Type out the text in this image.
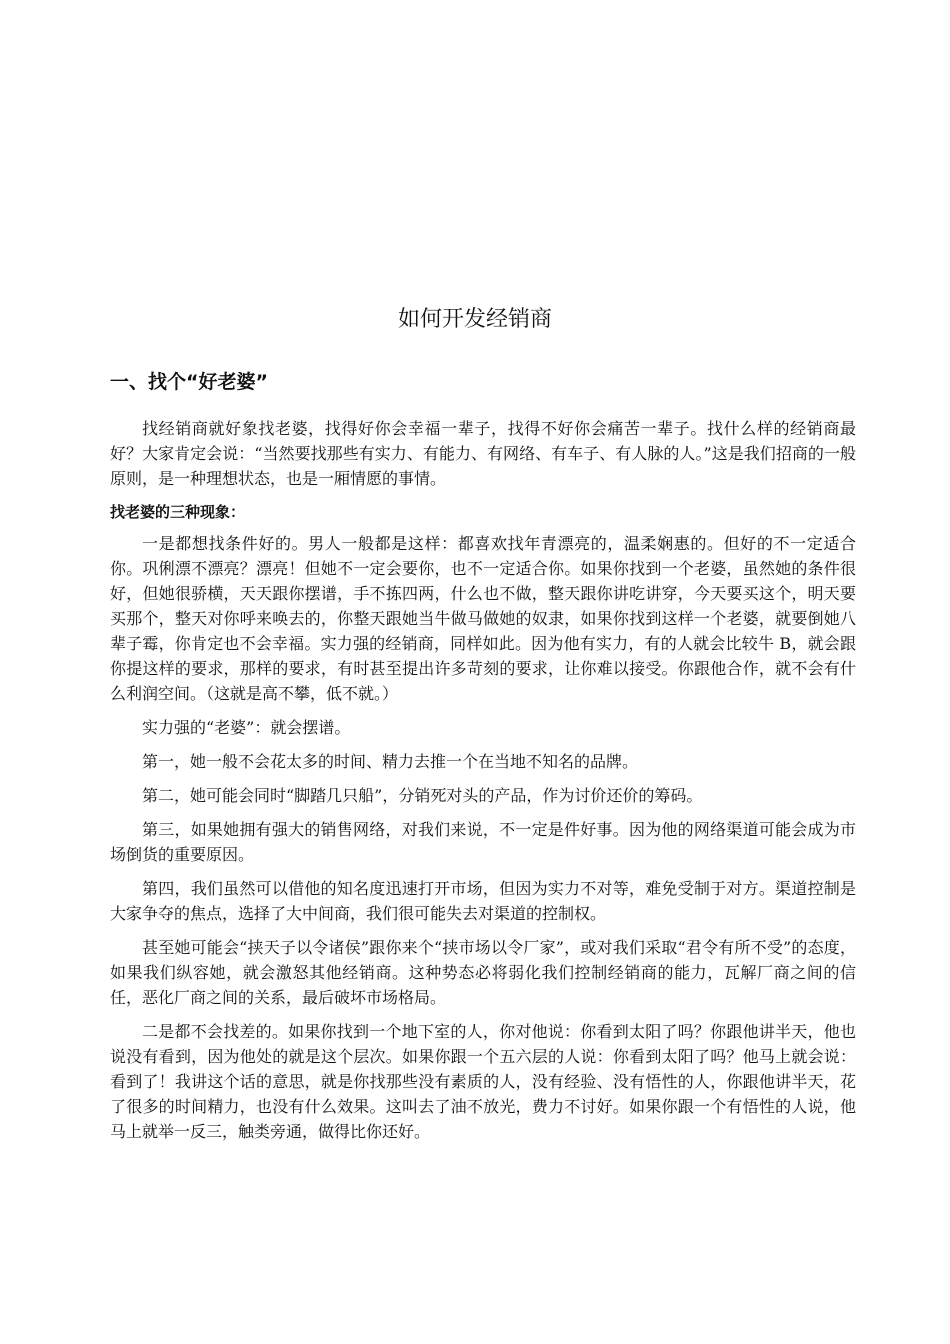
如何开发经销商
一、找个“好老婆”

找经销商就好象找老婆，找得好你会幸福一辈子，找得不好你会痛苦一辈子。找什么样的经销商最好？大家肯定会说：“当然要找那些有实力、有能力、有网络、有车子、有人脉的人。”这是我们招商的一般原则，是一种理想状态，也是一厢情愿的事情。

找老婆的三种现象：

一是都想找条件好的。男人一般都是这样：都喜欢找年青漂亮的，温柔娴惠的。但好的不一定适合你。巩俐漂不漂亮？漂亮！但她不一定会要你，也不一定适合你。如果你找到一个老婆，虽然她的条件很好，但她很骄横，天天跟你摆谱，手不拣四两，什么也不做，整天跟你讲吃讲穿，今天要买这个，明天要买那个，整天对你呼来唤去的，你整天跟她当牛做马做她的奴隶，如果你找到这样一个老婆，就要倒她八辈子霉，你肯定也不会幸福。实力强的经销商，同样如此。因为他有实力，有的人就会比较牛 B，就会跟你提这样的要求，那样的要求，有时甚至提出许多苛刻的要求，让你难以接受。你跟他合作，就不会有什么利润空间。（这就是高不攀，低不就。）

实力强的“老婆”：就会摆谱。

第一，她一般不会花太多的时间、精力去推一个在当地不知名的品牌。

第二，她可能会同时“脚踏几只船”，分销死对头的产品，作为讨价还价的筹码。

第三，如果她拥有强大的销售网络，对我们来说，不一定是件好事。因为他的网络渠道可能会成为市场倒货的重要原因。

第四，我们虽然可以借他的知名度迅速打开市场，但因为实力不对等，难免受制于对方。渠道控制是大家争夺的焦点，选择了大中间商，我们很可能失去对渠道的控制权。

甚至她可能会“挟天子以令诸侯”跟你来个“挟市场以令厂家”，或对我们采取“君令有所不受”的态度，如果我们纵容她，就会激怒其他经销商。这种势态必将弱化我们控制经销商的能力，瓦解厂商之间的信任，恶化厂商之间的关系，最后破坏市场格局。

二是都不会找差的。如果你找到一个地下室的人，你对他说：你看到太阳了吗？你跟他讲半天，他也说没有看到，因为他处的就是这个层次。如果你跟一个五六层的人说：你看到太阳了吗？他马上就会说：看到了！我讲这个话的意思，就是你找那些没有素质的人，没有经验、没有悟性的人，你跟他讲半天，花了很多的时间精力，也没有什么效果。这叫去了油不放光，费力不讨好。如果你跟一个有悟性的人说，他马上就举一反三，触类旁通，做得比你还好。
